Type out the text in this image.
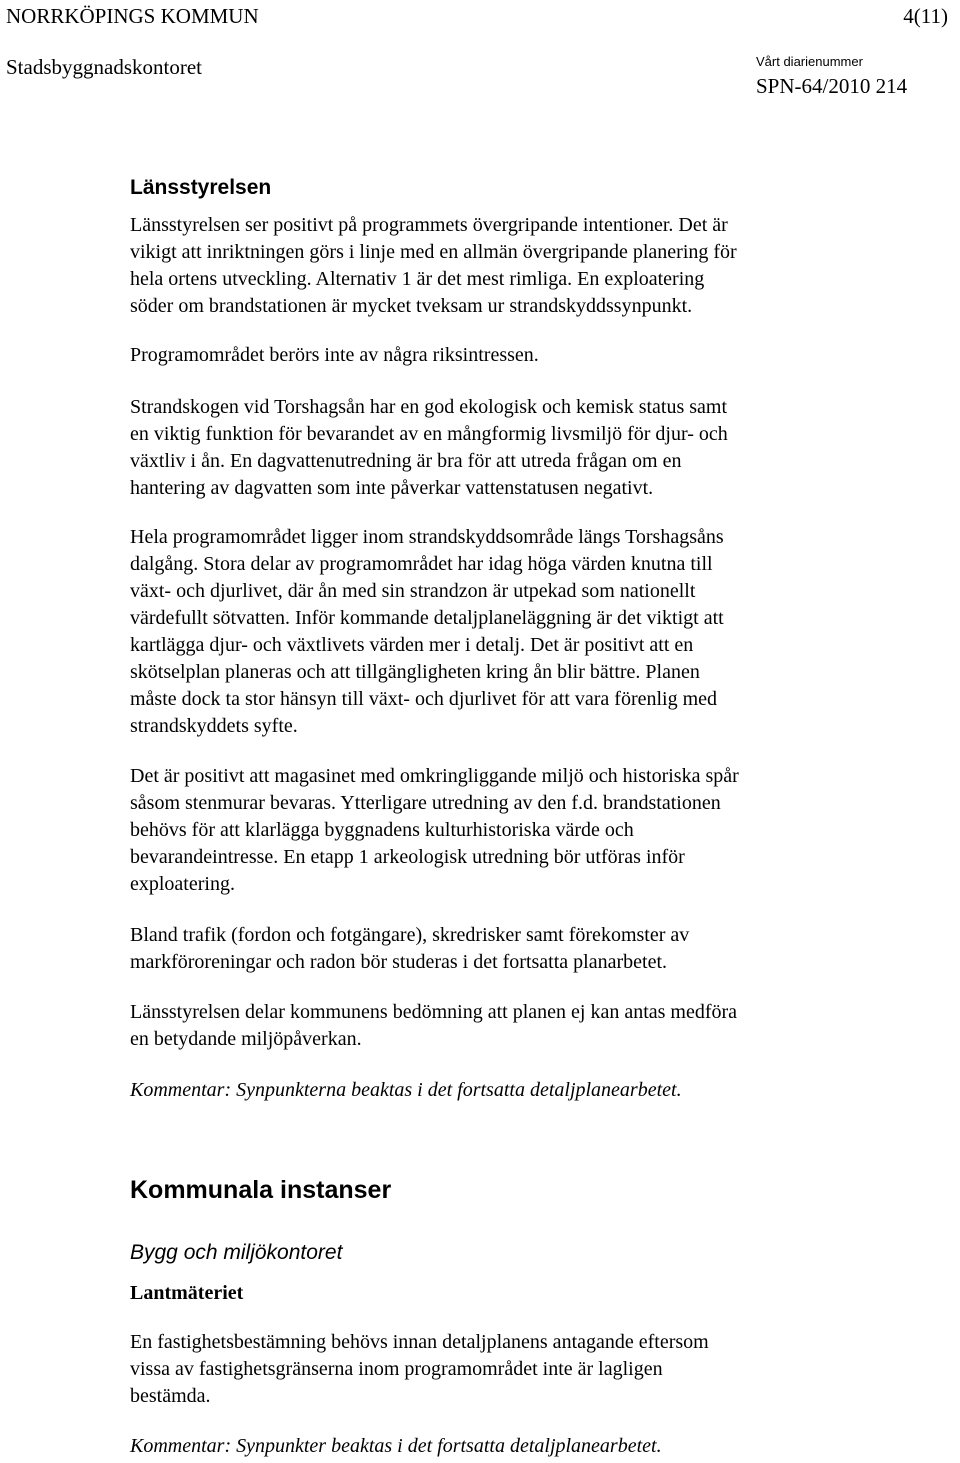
NORRKÖPINGS KOMMUN	4(11)
Stadsbyggnadskontoret	Vårt diarienummer
SPN-64/2010 214
Länsstyrelsen
Länsstyrelsen ser positivt på programmets övergripande intentioner. Det är
vikigt att inriktningen görs i linje med en allmän övergripande planering för
hela ortens utveckling. Alternativ 1 är det mest rimliga. En exploatering
söder om brandstationen är mycket tveksam ur strandskyddssynpunkt.
Programområdet berörs inte av några riksintressen.
Strandskogen vid Torshagsån har en god ekologisk och kemisk status samt
en viktig funktion för bevarandet av en mångformig livsmiljö för djur- och
växtliv i ån. En dagvattenutredning är bra för att utreda frågan om en
hantering av dagvatten som inte påverkar vattenstatusen negativt.
Hela programområdet ligger inom strandskyddsområde längs Torshagsåns
dalgång. Stora delar av programområdet har idag höga värden knutna till
växt- och djurlivet, där ån med sin strandzon är utpekad som nationellt
värdefullt sötvatten. Inför kommande detaljplaneläggning är det viktigt att
kartlägga djur- och växtlivets värden mer i detalj. Det är positivt att en
skötselplan planeras och att tillgängligheten kring ån blir bättre. Planen
måste dock ta stor hänsyn till växt- och djurlivet för att vara förenlig med
strandskyddets syfte.
Det är positivt att magasinet med omkringliggande miljö och historiska spår
såsom stenmurar bevaras. Ytterligare utredning av den f.d. brandstationen
behövs för att klarlägga byggnadens kulturhistoriska värde och
bevarandeintresse. En etapp 1 arkeologisk utredning bör utföras inför
exploatering.
Bland trafik (fordon och fotgängare), skredrisker samt förekomster av
markföroreningar och radon bör studeras i det fortsatta planarbetet.
Länsstyrelsen delar kommunens bedömning att planen ej kan antas medföra
en betydande miljöpåverkan.
Kommentar: Synpunkterna beaktas i det fortsatta detaljplanearbetet.
Kommunala instanser
Bygg och miljökontoret
Lantmäteriet
En fastighetsbestämning behövs innan detaljplanens antagande eftersom
vissa av fastighetsgränserna inom programområdet inte är lagligen
bestämda.
Kommentar: Synpunkter beaktas i det fortsatta detaljplanearbetet.
